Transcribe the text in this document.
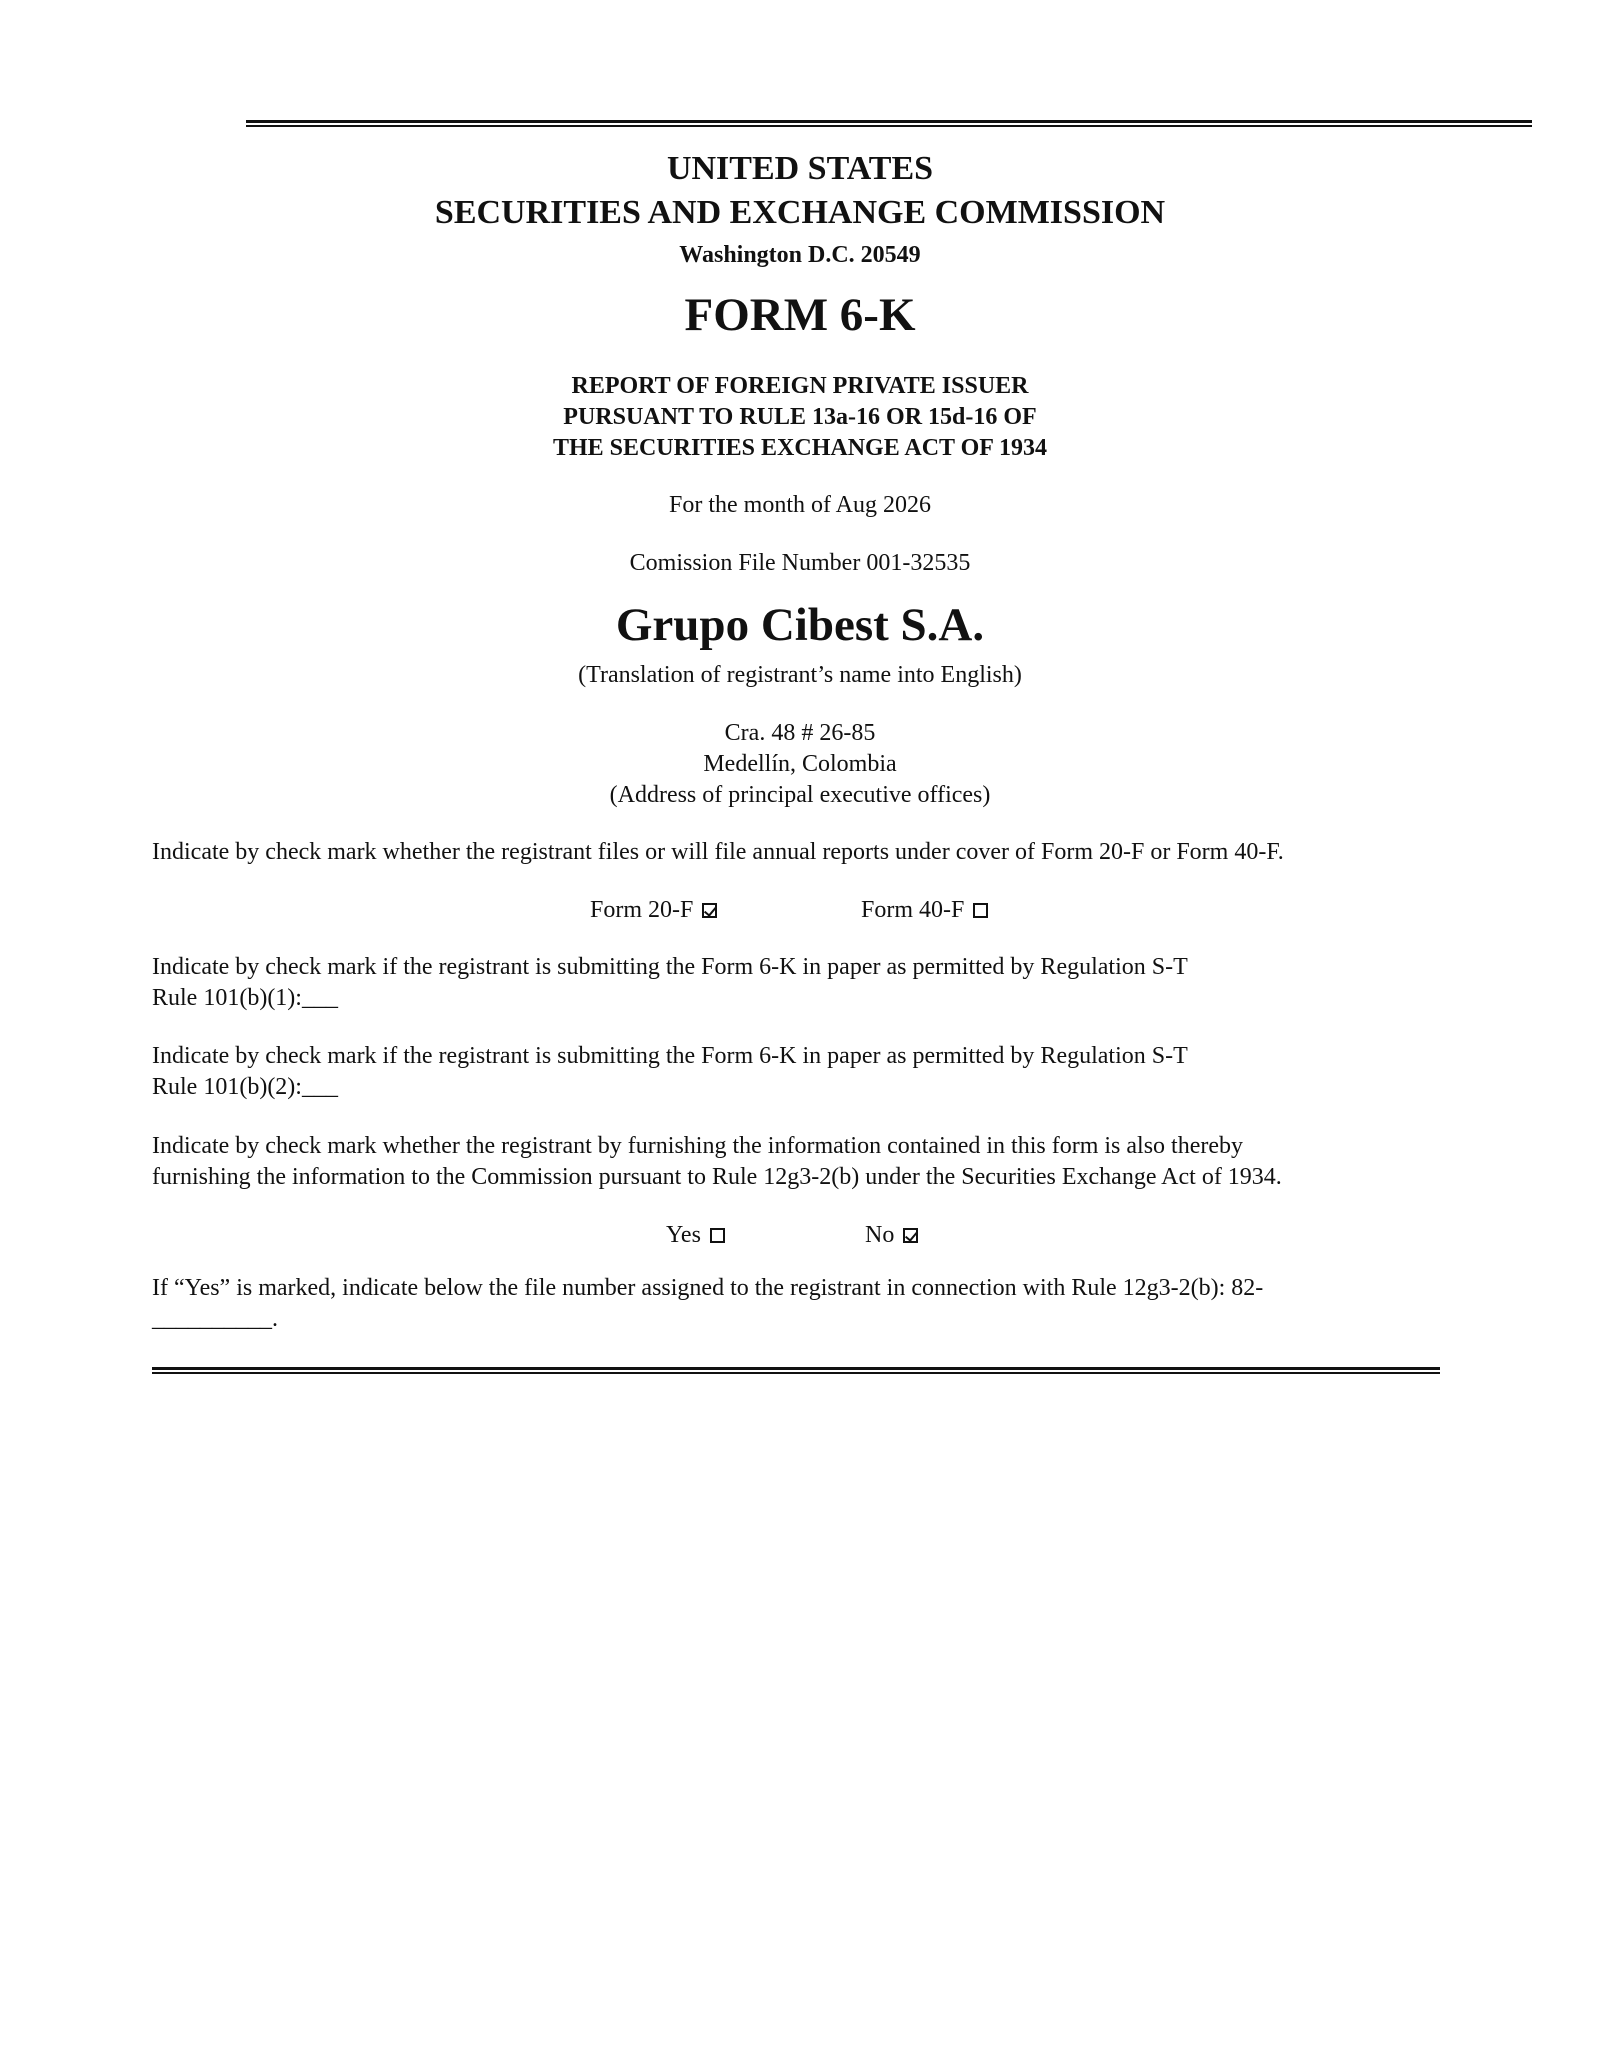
UNITED STATES
SECURITIES AND EXCHANGE COMMISSION
Washington D.C. 20549
FORM 6-K
REPORT OF FOREIGN PRIVATE ISSUER
PURSUANT TO RULE 13a-16 OR 15d-16 OF
THE SECURITIES EXCHANGE ACT OF 1934
For the month of Aug 2026
Comission File Number 001-32535
Grupo Cibest S.A.
(Translation of registrant’s name into English)
Cra. 48 # 26-85
Medellín, Colombia
(Address of principal executive offices)
Indicate by check mark whether the registrant files or will file annual reports under cover of Form 20-F or Form 40-F.
Form 20-F	Form 40-F
Indicate by check mark if the registrant is submitting the Form 6-K in paper as permitted by Regulation S-T
Rule 101(b)(1):___
Indicate by check mark if the registrant is submitting the Form 6-K in paper as permitted by Regulation S-T
Rule 101(b)(2):___
Indicate by check mark whether the registrant by furnishing the information contained in this form is also thereby
furnishing the information to the Commission pursuant to Rule 12g3-2(b) under the Securities Exchange Act of 1934.
Yes	No
If “Yes” is marked, indicate below the file number assigned to the registrant in connection with Rule 12g3-2(b): 82-
__________.
